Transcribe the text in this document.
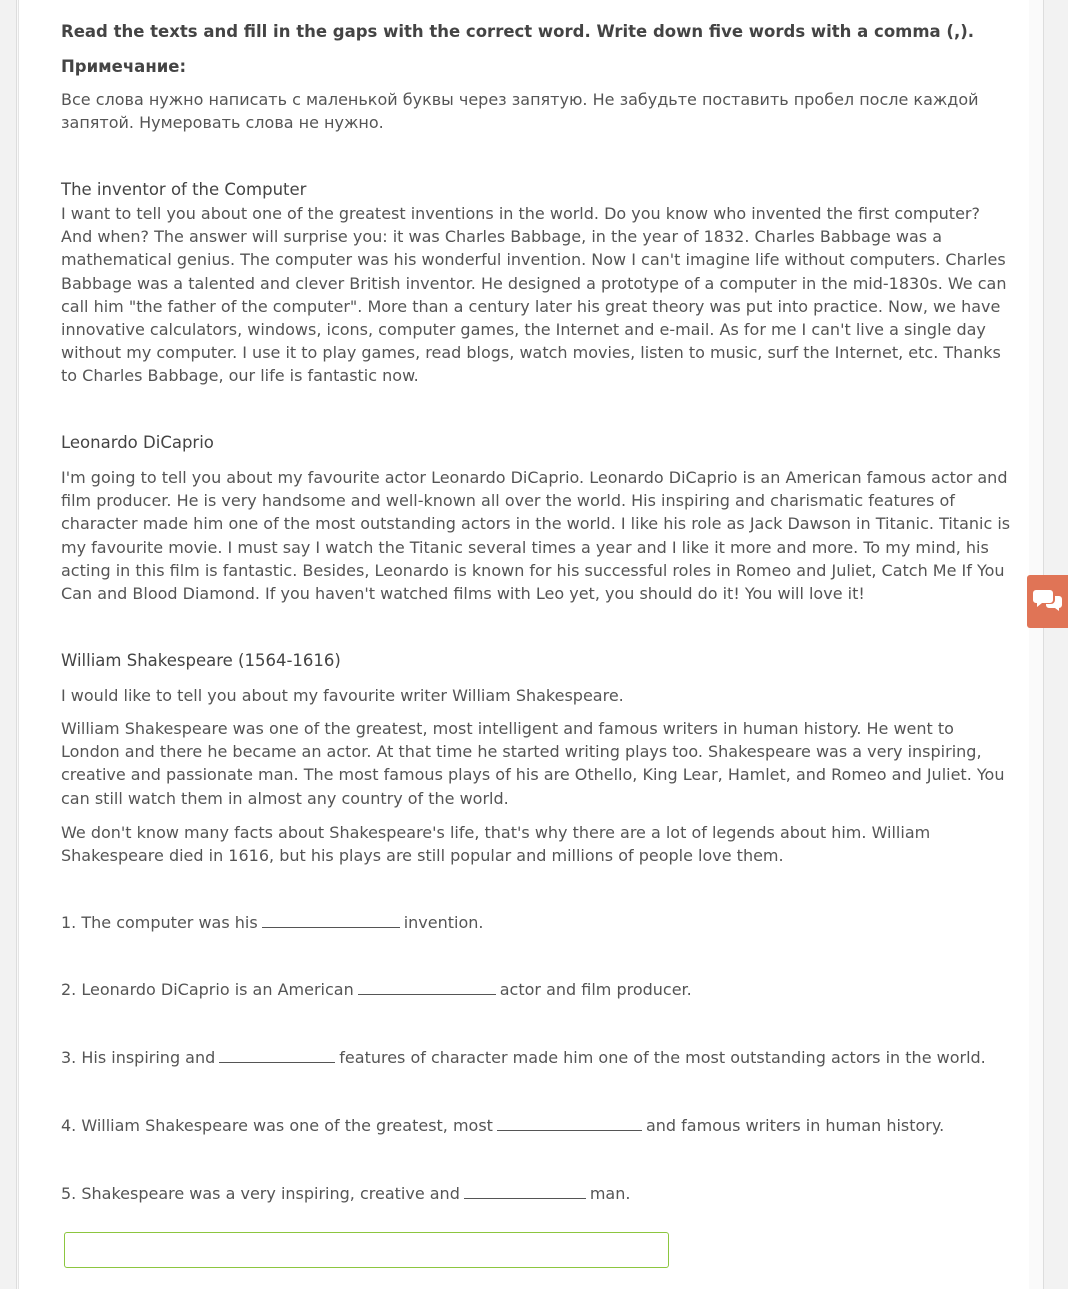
Read the texts and fill in the gaps with the correct word. Write down five words with a comma (,).
Примечание:
Все слова нужно написать с маленькой буквы через запятую. Не забудьте поставить пробел после каждой запятой. Нумеровать слова не нужно.
The inventor of the Computer
I want to tell you about one of the greatest inventions in the world. Do you know who invented the first computer? And when? The answer will surprise you: it was Charles Babbage, in the year of 1832. Charles Babbage was a mathematical genius. The computer was his wonderful invention. Now I can't imagine life without computers. Charles Babbage was a talented and clever British inventor. He designed a prototype of a computer in the mid-1830s. We can call him "the father of the computer". More than a century later his great theory was put into practice. Now, we have innovative calculators, windows, icons, computer games, the Internet and e-mail. As for me I can't live a single day without my computer. I use it to play games, read blogs, watch movies, listen to music, surf the Internet, etc. Thanks to Charles Babbage, our life is fantastic now.
Leonardo DiCaprio
I'm going to tell you about my favourite actor Leonardo DiCaprio. Leonardo DiCaprio is an American famous actor and film producer. He is very handsome and well-known all over the world. His inspiring and charismatic features of character made him one of the most outstanding actors in the world. I like his role as Jack Dawson in Titanic. Titanic is my favourite movie. I must say I watch the Titanic several times a year and I like it more and more. To my mind, his acting in this film is fantastic. Besides, Leonardo is known for his successful roles in Romeo and Juliet, Catch Me If You Can and Blood Diamond. If you haven't watched films with Leo yet, you should do it! You will love it!
William Shakespeare (1564-1616)
I would like to tell you about my favourite writer William Shakespeare.
William Shakespeare was one of the greatest, most intelligent and famous writers in human history. He went to London and there he became an actor. At that time he started writing plays too. Shakespeare was a very inspiring, creative and passionate man. The most famous plays of his are Othello, King Lear, Hamlet, and Romeo and Juliet. You can still watch them in almost any country of the world.
We don't know many facts about Shakespeare's life, that's why there are a lot of legends about him. William Shakespeare died in 1616, but his plays are still popular and millions of people love them.
1. The computer was his	invention.
2. Leonardo DiCaprio is an American	actor and film producer.
3. His inspiring and	features of character made him one of the most outstanding actors in the world.
4. William Shakespeare was one of the greatest, most	and famous writers in human history.
5. Shakespeare was a very inspiring, creative and	man.
